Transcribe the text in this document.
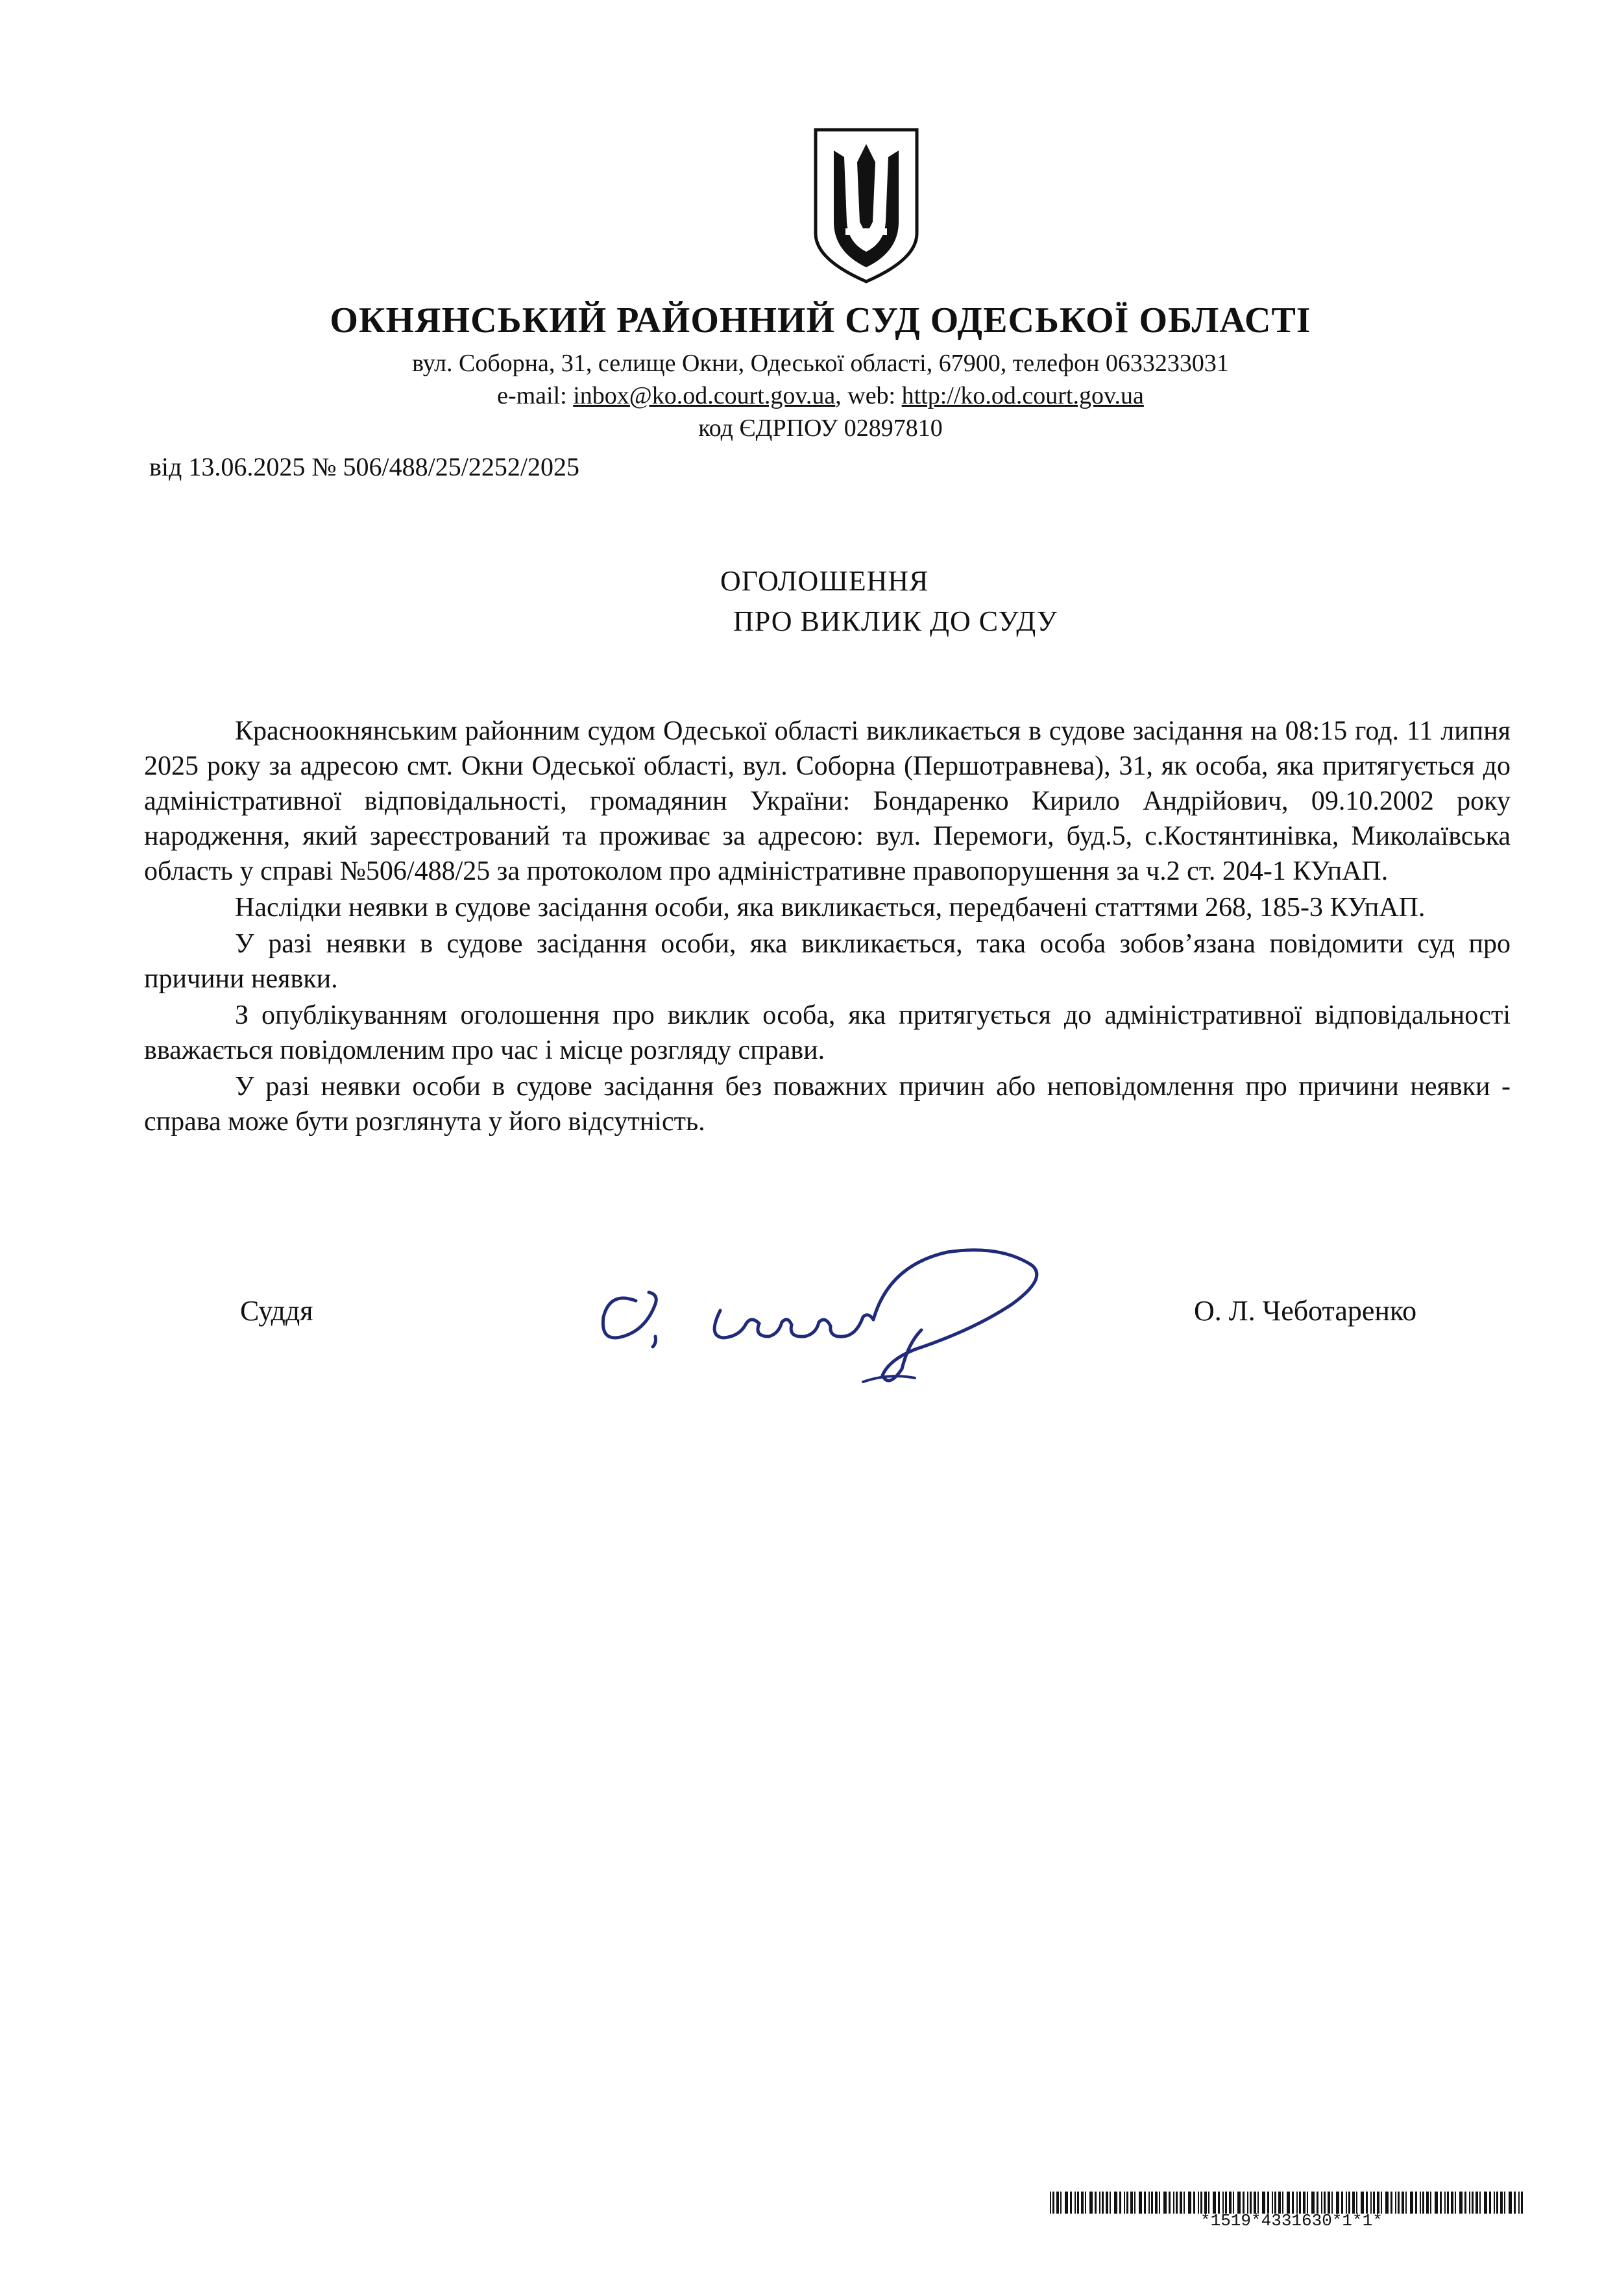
ОКНЯНСЬКИЙ РАЙОННИЙ СУД ОДЕСЬКОЇ ОБЛАСТІ
вул. Соборна, 31, селище Окни, Одеської області, 67900, телефон 0633233031
e-mail: inbox@ko.od.court.gov.ua, web: http://ko.od.court.gov.ua
код ЄДРПОУ 02897810
від 13.06.2025 № 506/488/25/2252/2025
ОГОЛОШЕННЯ
ПРО ВИКЛИК ДО СУДУ

Красноокнянським районним судом Одеської області викликається в судове засідання на 08:15 год. 11 липня 2025 року за адресою смт. Окни Одеської області, вул. Соборна (Першотравнева), 31, як особа, яка притягується до адміністративної відповідальності, громадянин України: Бондаренко Кирило Андрійович, 09.10.2002 року народження, який зареєстрований та проживає за адресою: вул. Перемоги, буд.5, с.Костянтинівка, Миколаївська область у справі №506/488/25 за протоколом про адміністративне правопорушення за ч.2 ст. 204-1 КУпАП.

Наслідки неявки в судове засідання особи, яка викликається, передбачені статтями 268, 185-3 КУпАП.

У разі неявки в судове засідання особи, яка викликається, така особа зобов’язана повідомити суд про причини неявки.

З опублікуванням оголошення про виклик особа, яка притягується до адміністративної відповідальності вважається повідомленим про час і місце розгляду справи.

У разі неявки особи в судове засідання без поважних причин або неповідомлення про причини неявки - справа може бути розглянута у його відсутність.

Суддя	О. Л. Чеботаренко
*1519*4331630*1*1*
